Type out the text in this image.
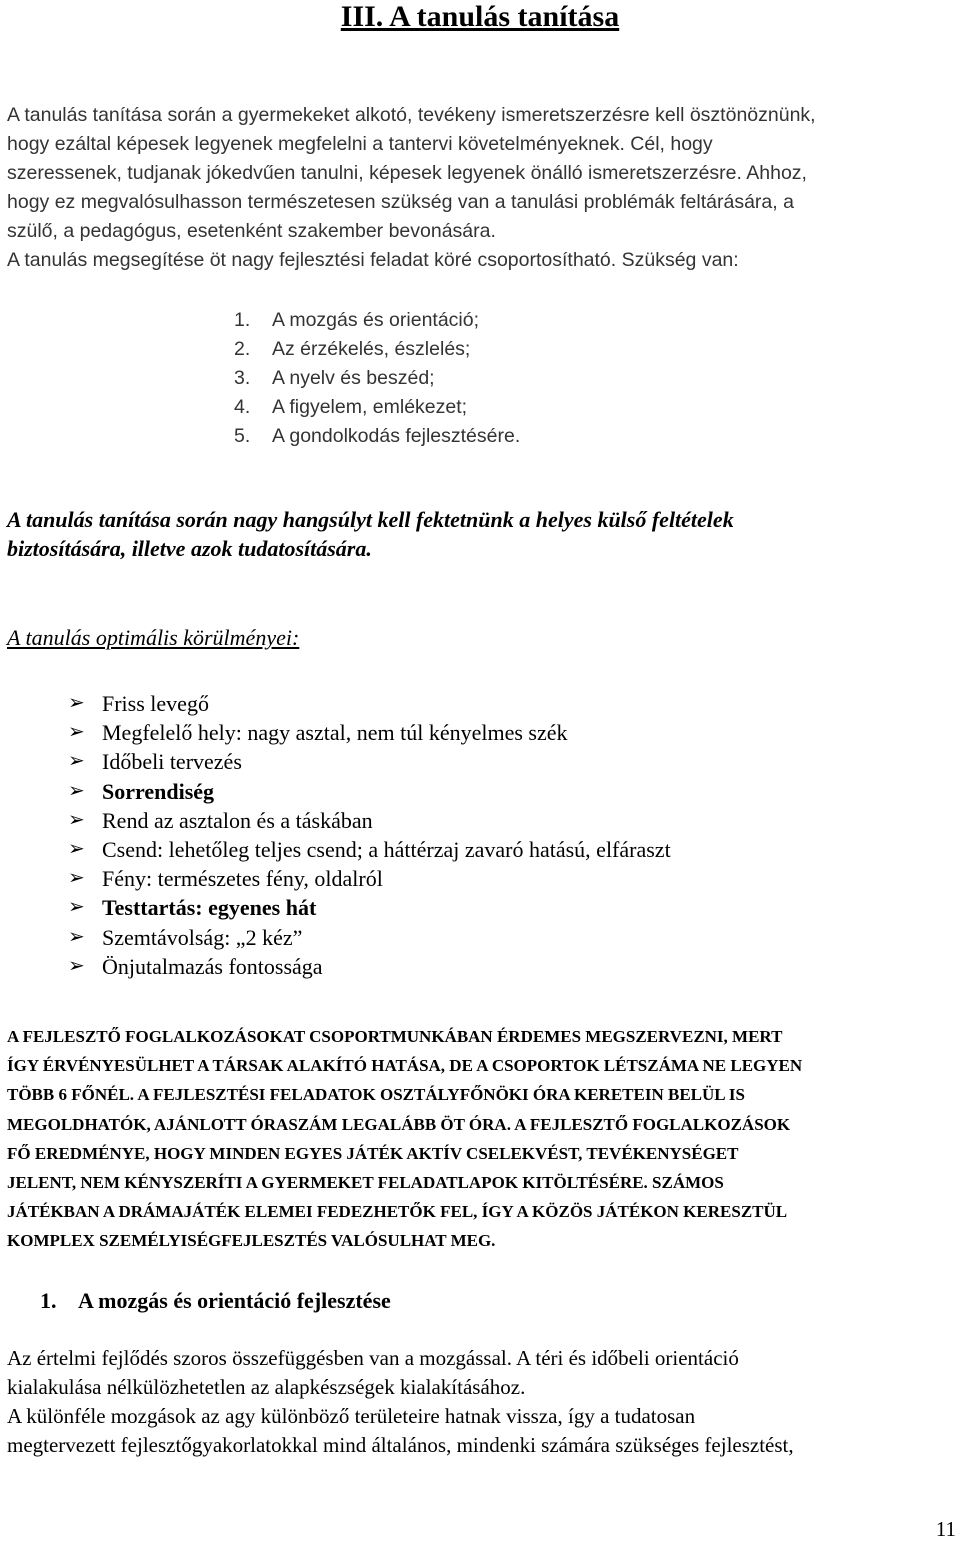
III. A tanulás tanítása
A tanulás tanítása során a gyermekeket alkotó, tevékeny ismeretszerzésre kell ösztönöznünk,
hogy ezáltal képesek legyenek megfelelni a tantervi követelményeknek. Cél, hogy
szeressenek, tudjanak jókedvűen tanulni, képesek legyenek önálló ismeretszerzésre. Ahhoz,
hogy ez megvalósulhasson természetesen szükség van a tanulási problémák feltárására, a
szülő, a pedagógus, esetenként szakember bevonására.
A tanulás megsegítése öt nagy fejlesztési feladat köré csoportosítható. Szükség van:
1. A mozgás és orientáció;
2. Az érzékelés, észlelés;
3. A nyelv és beszéd;
4. A figyelem, emlékezet;
5. A gondolkodás fejlesztésére.
A tanulás tanítása során nagy hangsúlyt kell fektetnünk a helyes külső feltételek
biztosítására, illetve azok tudatosítására.
A tanulás optimális körülményei:
➢ Friss levegő
➢ Megfelelő hely: nagy asztal, nem túl kényelmes szék
➢ Időbeli tervezés
➢ Sorrendiség
➢ Rend az asztalon és a táskában
➢ Csend: lehetőleg teljes csend; a háttérzaj zavaró hatású, elfáraszt
➢ Fény: természetes fény, oldalról
➢ Testtartás: egyenes hát
➢ Szemtávolság: „2 kéz”
➢ Önjutalmazás fontossága
A FEJLESZTŐ FOGLALKOZÁSOKAT CSOPORTMUNKÁBAN ÉRDEMES MEGSZERVEZNI, MERT
ÍGY ÉRVÉNYESÜLHET A TÁRSAK ALAKÍTÓ HATÁSA, DE A CSOPORTOK LÉTSZÁMA NE LEGYEN
TÖBB 6 FŐNÉL. A FEJLESZTÉSI FELADATOK OSZTÁLYFŐNÖKI ÓRA KERETEIN BELÜL IS
MEGOLDHATÓK, AJÁNLOTT ÓRASZÁM LEGALÁBB ÖT ÓRA. A FEJLESZTŐ FOGLALKOZÁSOK
FŐ EREDMÉNYE, HOGY MINDEN EGYES JÁTÉK AKTÍV CSELEKVÉST, TEVÉKENYSÉGET
JELENT, NEM KÉNYSZERÍTI A GYERMEKET FELADATLAPOK KITÖLTÉSÉRE. SZÁMOS
JÁTÉKBAN A DRÁMAJÁTÉK ELEMEI FEDEZHETŐK FEL, ÍGY A KÖZÖS JÁTÉKON KERESZTÜL
KOMPLEX SZEMÉLYISÉGFEJLESZTÉS VALÓSULHAT MEG.
1. A mozgás és orientáció fejlesztése
Az értelmi fejlődés szoros összefüggésben van a mozgással. A téri és időbeli orientáció
kialakulása nélkülözhetetlen az alapkészségek kialakításához.
A különféle mozgások az agy különböző területeire hatnak vissza, így a tudatosan
megtervezett fejlesztőgyakorlatokkal mind általános, mindenki számára szükséges fejlesztést,
11
